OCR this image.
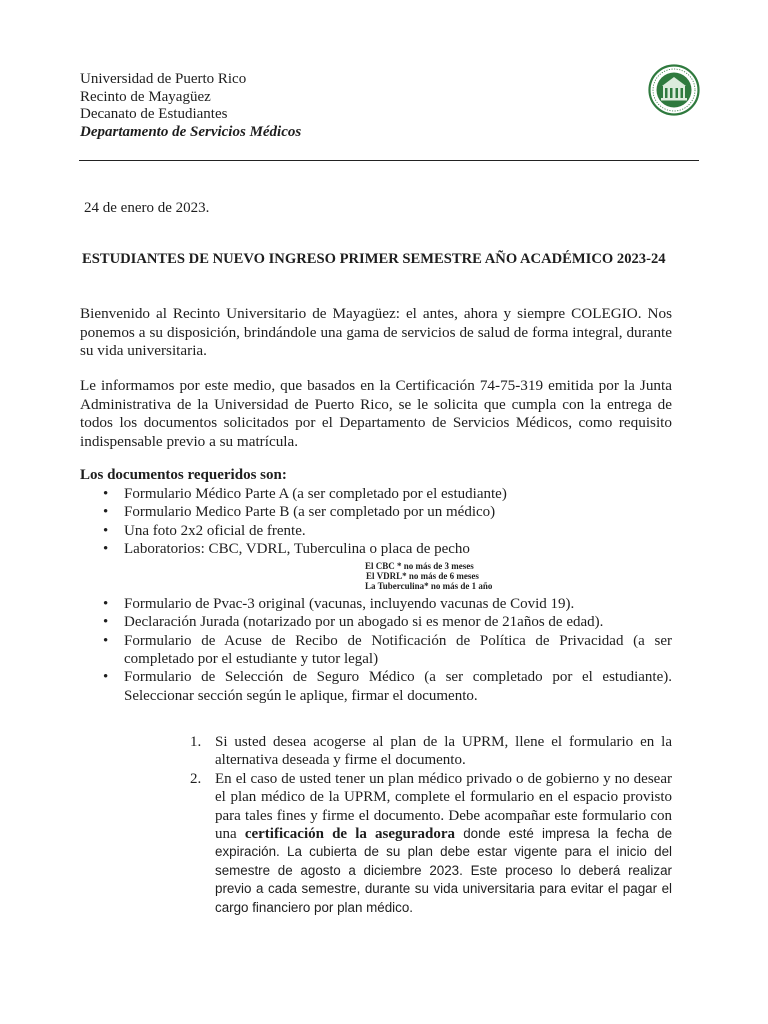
Universidad de Puerto Rico
Recinto de Mayagüez
Decanato de Estudiantes
Departamento de Servicios Médicos
24 de enero de 2023.
ESTUDIANTES DE NUEVO INGRESO PRIMER SEMESTRE AÑO ACADÉMICO 2023-24
Bienvenido al Recinto Universitario de Mayagüez: el antes, ahora y siempre COLEGIO. Nos ponemos a su disposición, brindándole una gama de servicios de salud de forma integral, durante su vida universitaria.
Le informamos por este medio, que basados en la Certificación 74-75-319 emitida por la Junta Administrativa de la Universidad de Puerto Rico, se le solicita que cumpla con la entrega de todos los documentos solicitados por el Departamento de Servicios Médicos, como requisito indispensable previo a su matrícula.
Los documentos requeridos son:
• Formulario Médico Parte A (a ser completado por el estudiante)
• Formulario Medico Parte B (a ser completado por un médico)
• Una foto 2x2 oficial de frente.
• Laboratorios: CBC, VDRL, Tuberculina o placa de pecho
El CBC * no más de 3 meses
El VDRL* no más de 6 meses
La Tuberculina* no más de 1 año
• Formulario de Pvac-3 original (vacunas, incluyendo vacunas de Covid 19).
• Declaración Jurada (notarizado por un abogado si es menor de 21años de edad).
• Formulario de Acuse de Recibo de Notificación de Política de Privacidad (a ser completado por el estudiante y tutor legal)
• Formulario de Selección de Seguro Médico (a ser completado por el estudiante). Seleccionar sección según le aplique, firmar el documento.
1. Si usted desea acogerse al plan de la UPRM, llene el formulario en la alternativa deseada y firme el documento.
2. En el caso de usted tener un plan médico privado o de gobierno y no desear el plan médico de la UPRM, complete el formulario en el espacio provisto para tales fines y firme el documento. Debe acompañar este formulario con una certificación de la aseguradora donde esté impresa la fecha de expiración. La cubierta de su plan debe estar vigente para el inicio del semestre de agosto a diciembre 2023. Este proceso lo deberá realizar previo a cada semestre, durante su vida universitaria para evitar el pagar el cargo financiero por plan médico.
